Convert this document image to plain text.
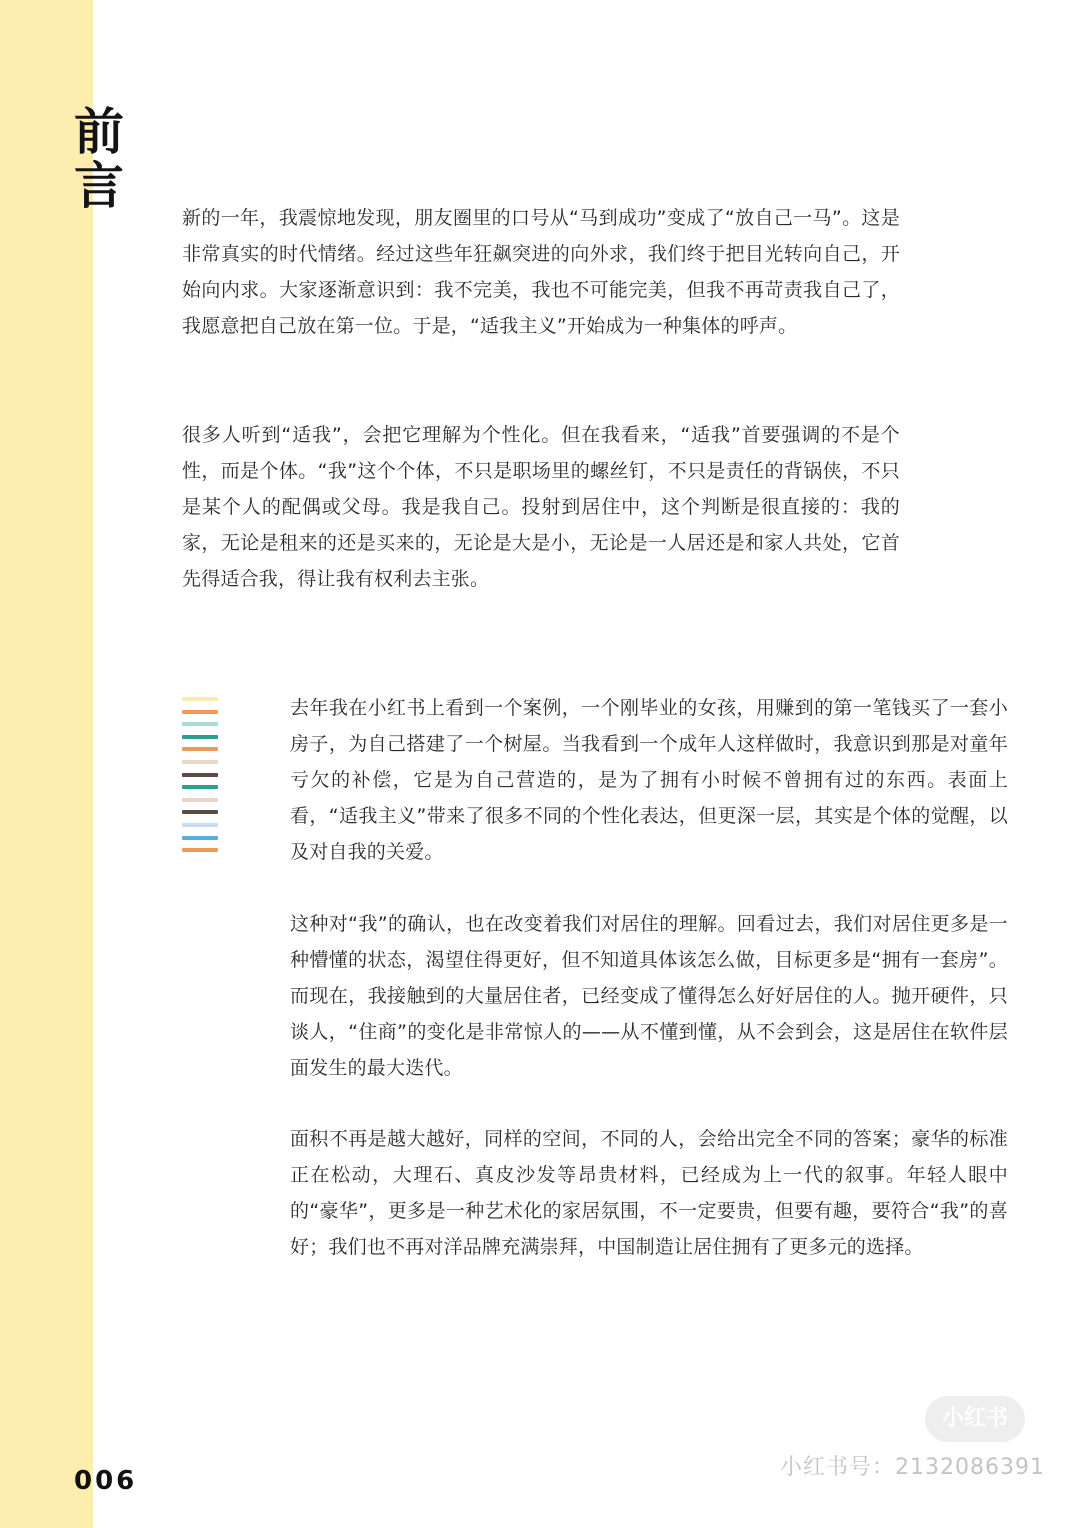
前
言

新的一年，我震惊地发现，朋友圈里的口号从“马到成功”变成了“放自己一马”。这是非常真实的时代情绪。经过这些年狂飙突进的向外求，我们终于把目光转向自己，开始向内求。大家逐渐意识到：我不完美，我也不可能完美，但我不再苛责我自己了，我愿意把自己放在第一位。于是，“适我主义”开始成为一种集体的呼声。

很多人听到“适我”，会把它理解为个性化。但在我看来，“适我”首要强调的不是个性，而是个体。“我”这个个体，不只是职场里的螺丝钉，不只是责任的背锅侠，不只是某个人的配偶或父母。我是我自己。投射到居住中，这个判断是很直接的：我的家，无论是租来的还是买来的，无论是大是小，无论是一人居还是和家人共处，它首先得适合我，得让我有权利去主张。

去年我在小红书上看到一个案例，一个刚毕业的女孩，用赚到的第一笔钱买了一套小房子，为自己搭建了一个树屋。当我看到一个成年人这样做时，我意识到那是对童年亏欠的补偿，它是为自己营造的，是为了拥有小时候不曾拥有过的东西。表面上看，“适我主义”带来了很多不同的个性化表达，但更深一层，其实是个体的觉醒，以及对自我的关爱。

这种对“我”的确认，也在改变着我们对居住的理解。回看过去，我们对居住更多是一种懵懂的状态，渴望住得更好，但不知道具体该怎么做，目标更多是“拥有一套房”。而现在，我接触到的大量居住者，已经变成了懂得怎么好好居住的人。抛开硬件，只谈人，“住商”的变化是非常惊人的——从不懂到懂，从不会到会，这是居住在软件层面发生的最大迭代。

面积不再是越大越好，同样的空间，不同的人，会给出完全不同的答案；豪华的标准正在松动，大理石、真皮沙发等昂贵材料，已经成为上一代的叙事。年轻人眼中的“豪华”，更多是一种艺术化的家居氛围，不一定要贵，但要有趣，要符合“我”的喜好；我们也不再对洋品牌充满崇拜，中国制造让居住拥有了更多元的选择。

006
小红书
小红书号：2132086391
